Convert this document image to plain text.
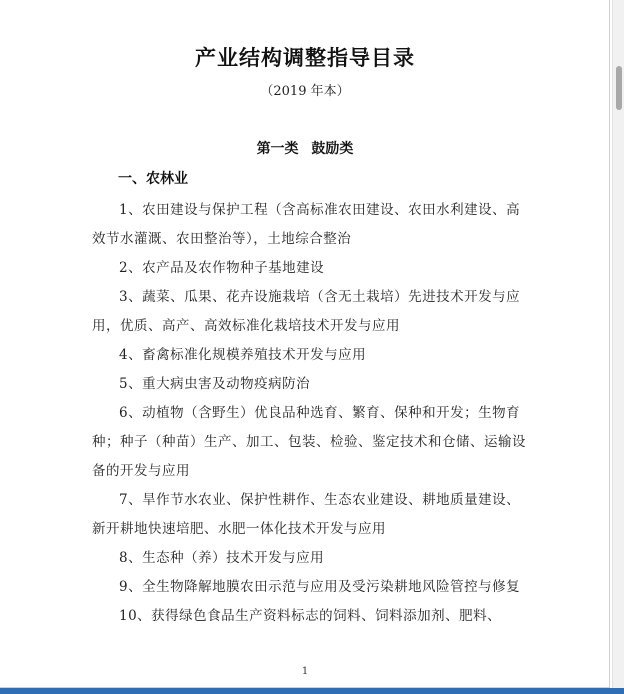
产业结构调整指导目录
（2019 年本）
第一类 鼓励类
一、农林业

1、农田建设与保护工程（含高标准农田建设、农田水利建设、高效节水灌溉、农田整治等），土地综合整治

2、农产品及农作物种子基地建设

3、蔬菜、瓜果、花卉设施栽培（含无土栽培）先进技术开发与应用，优质、高产、高效标准化栽培技术开发与应用

4、畜禽标准化规模养殖技术开发与应用

5、重大病虫害及动物疫病防治

6、动植物（含野生）优良品种选育、繁育、保种和开发；生物育种；种子（种苗）生产、加工、包装、检验、鉴定技术和仓储、运输设备的开发与应用

7、旱作节水农业、保护性耕作、生态农业建设、耕地质量建设、新开耕地快速培肥、水肥一体化技术开发与应用

8、生态种（养）技术开发与应用

9、全生物降解地膜农田示范与应用及受污染耕地风险管控与修复

10、获得绿色食品生产资料标志的饲料、饲料添加剂、肥料、

1
